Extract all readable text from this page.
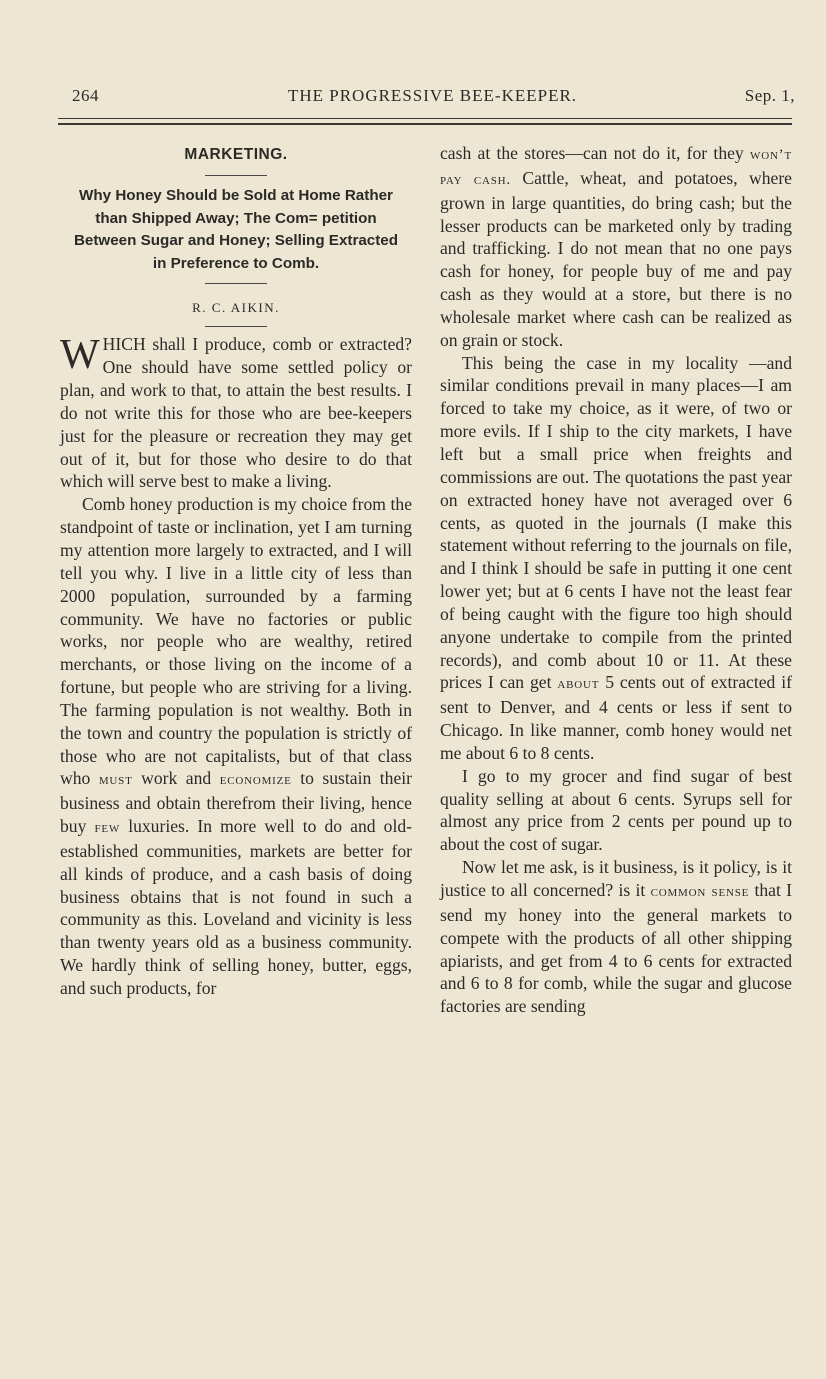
264	THE PROGRESSIVE BEE-KEEPER.	Sep. 1,
MARKETING.
Why Honey Should be Sold at Home Rather than Shipped Away; The Com= petition Between Sugar and Honey; Selling Extracted in Preference to Comb.
R. C. AIKIN.

WHICH shall I produce, comb or extracted? One should have some settled policy or plan, and work to that, to attain the best results. I do not write this for those who are bee-keepers just for the pleasure or recreation they may get out of it, but for those who desire to do that which will serve best to make a living.

Comb honey production is my choice from the standpoint of taste or inclination, yet I am turning my attention more largely to extracted, and I will tell you why. I live in a little city of less than 2000 population, surrounded by a farming community. We have no factories or public works, nor people who are wealthy, retired merchants, or those living on the income of a fortune, but people who are striving for a living. The farming population is not wealthy. Both in the town and country the population is strictly of those who are not capitalists, but of that class who must work and economize to sustain their business and obtain therefrom their living, hence buy few luxuries. In more well to do and old-established communities, markets are better for all kinds of produce, and a cash basis of doing business obtains that is not found in such a community as this. Loveland and vicinity is less than twenty years old as a business community. We hardly think of selling honey, butter, eggs, and such products, for

cash at the stores—can not do it, for they won’t pay cash. Cattle, wheat, and potatoes, where grown in large quantities, do bring cash; but the lesser products can be marketed only by trading and trafficking. I do not mean that no one pays cash for honey, for people buy of me and pay cash as they would at a store, but there is no wholesale market where cash can be realized as on grain or stock.

This being the case in my locality —and similar conditions prevail in many places—I am forced to take my choice, as it were, of two or more evils. If I ship to the city markets, I have left but a small price when freights and commissions are out. The quotations the past year on extracted honey have not averaged over 6 cents, as quoted in the journals (I make this statement without referring to the journals on file, and I think I should be safe in putting it one cent lower yet; but at 6 cents I have not the least fear of being caught with the figure too high should anyone undertake to compile from the printed records), and comb about 10 or 11. At these prices I can get about 5 cents out of extracted if sent to Denver, and 4 cents or less if sent to Chicago. In like manner, comb honey would net me about 6 to 8 cents.

I go to my grocer and find sugar of best quality selling at about 6 cents. Syrups sell for almost any price from 2 cents per pound up to about the cost of sugar.

Now let me ask, is it business, is it policy, is it justice to all concerned? is it common sense that I send my honey into the general markets to compete with the products of all other shipping apiarists, and get from 4 to 6 cents for extracted and 6 to 8 for comb, while the sugar and glucose factories are sending
